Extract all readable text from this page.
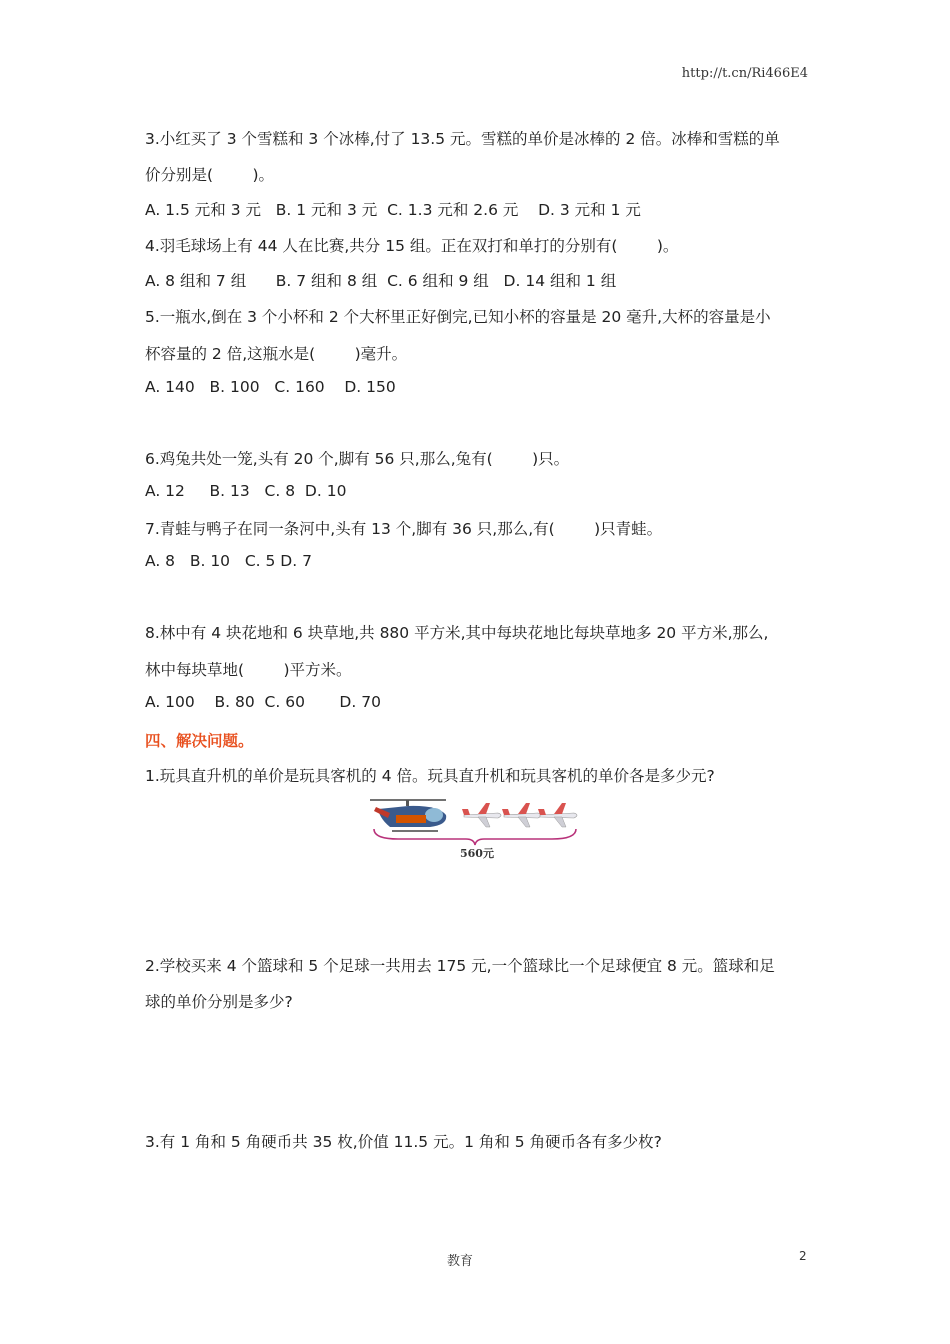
http://t.cn/Ri466E4
3.小红买了 3 个雪糕和 3 个冰棒,付了 13.5 元。雪糕的单价是冰棒的 2 倍。冰棒和雪糕的单
价分别是(        )。
A. 1.5 元和 3 元   B. 1 元和 3 元  C. 1.3 元和 2.6 元    D. 3 元和 1 元
4.羽毛球场上有 44 人在比赛,共分 15 组。正在双打和单打的分别有(        )。
A. 8 组和 7 组      B. 7 组和 8 组  C. 6 组和 9 组   D. 14 组和 1 组
5.一瓶水,倒在 3 个小杯和 2 个大杯里正好倒完,已知小杯的容量是 20 毫升,大杯的容量是小
杯容量的 2 倍,这瓶水是(        )毫升。
A. 140   B. 100   C. 160    D. 150
6.鸡兔共处一笼,头有 20 个,脚有 56 只,那么,兔有(        )只。
A. 12     B. 13   C. 8  D. 10
7.青蛙与鸭子在同一条河中,头有 13 个,脚有 36 只,那么,有(        )只青蛙。
A. 8   B. 10   C. 5 D. 7
8.林中有 4 块花地和 6 块草地,共 880 平方米,其中每块花地比每块草地多 20 平方米,那么,
林中每块草地(        )平方米。
A. 100    B. 80  C. 60       D. 70
四、解决问题。
1.玩具直升机的单价是玩具客机的 4 倍。玩具直升机和玩具客机的单价各是多少元?
560元
2.学校买来 4 个篮球和 5 个足球一共用去 175 元,一个篮球比一个足球便宜 8 元。篮球和足
球的单价分别是多少?
3.有 1 角和 5 角硬币共 35 枚,价值 11.5 元。1 角和 5 角硬币各有多少枚?
教育	2
